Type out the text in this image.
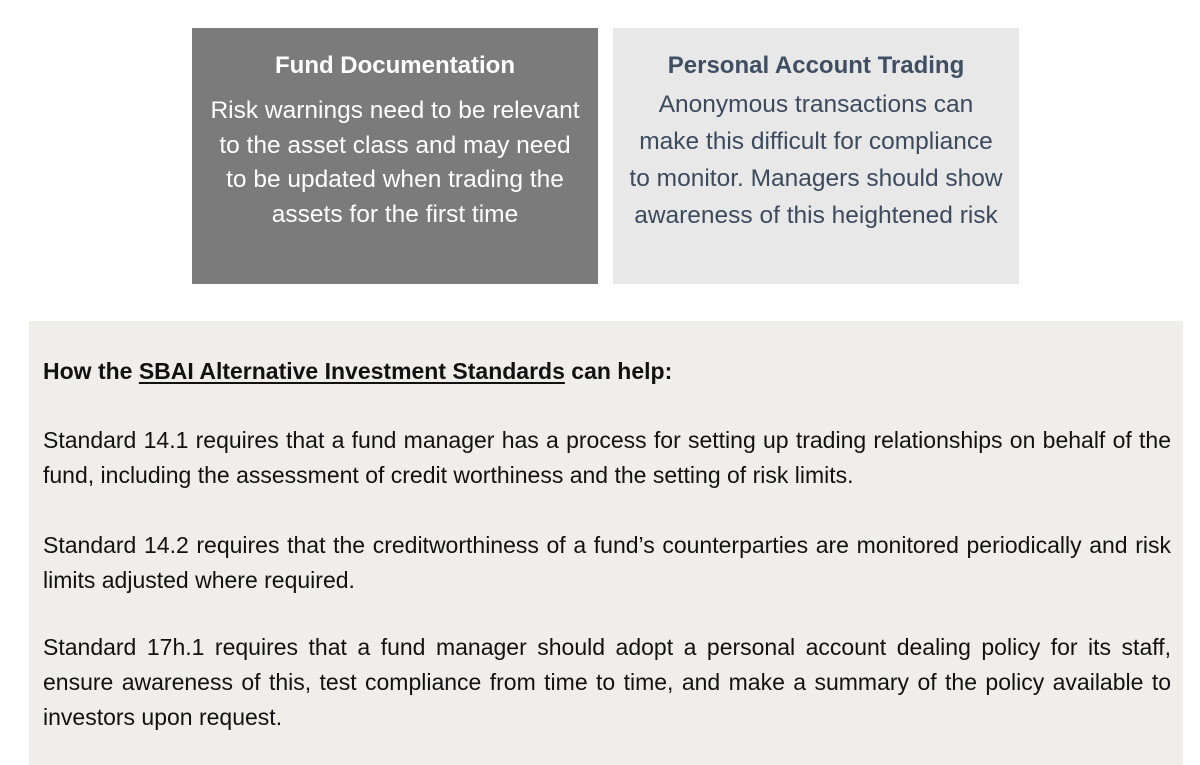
Fund Documentation
Risk warnings need to be relevant to the asset class and may need to be updated when trading the assets for the first time
Personal Account Trading
Anonymous transactions can make this difficult for compliance to monitor. Managers should show awareness of this heightened risk
How the SBAI Alternative Investment Standards can help:
Standard 14.1 requires that a fund manager has a process for setting up trading relationships on behalf of the fund, including the assessment of credit worthiness and the setting of risk limits.
Standard 14.2 requires that the creditworthiness of a fund’s counterparties are monitored periodically and risk limits adjusted where required.
Standard 17h.1 requires that a fund manager should adopt a personal account dealing policy for its staff, ensure awareness of this, test compliance from time to time, and make a summary of the policy available to investors upon request.
